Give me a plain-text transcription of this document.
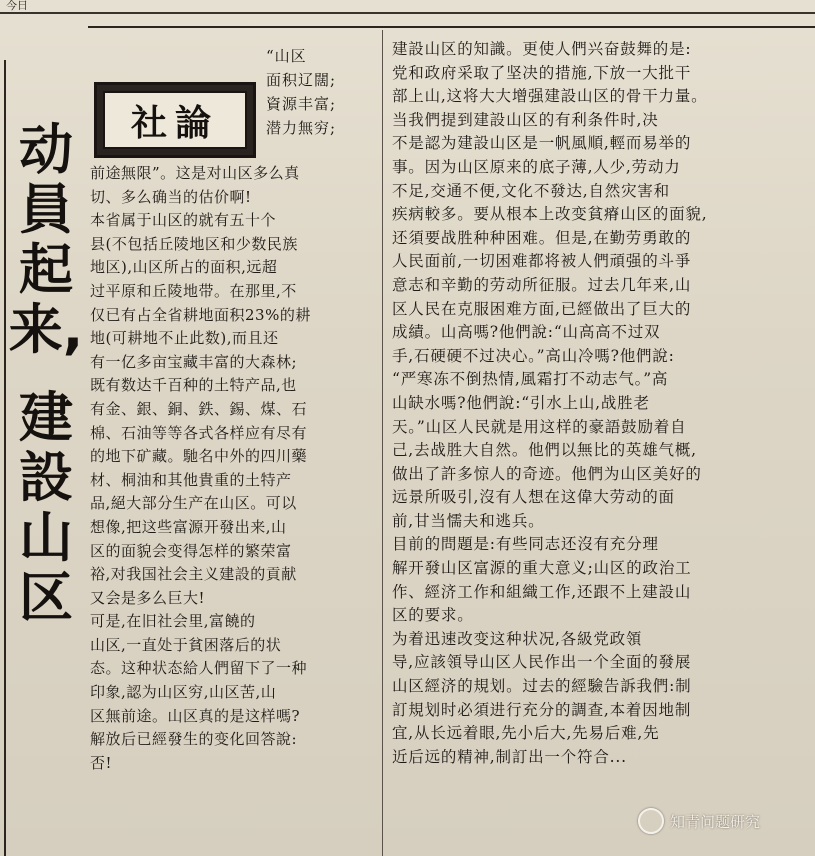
今日
动
員
起
来,
建
設
山
区
社論
“山区
面积辽闊;
資源丰富;
潜力無穷;
前途無限”。这是对山区多么真
切、多么确当的估价啊!
本省属于山区的就有五十个
县(不包括丘陵地区和少数民族
地区),山区所占的面积,远超
过平原和丘陵地带。在那里,不
仅已有占全省耕地面积23%的耕
地(可耕地不止此数),而且还
有一亿多亩宝藏丰富的大森林;
既有数达千百种的土特产品,也
有金、銀、銅、鉄、錫、煤、石
棉、石油等等各式各样应有尽有
的地下矿藏。馳名中外的四川藥
材、桐油和其他貴重的土特产
品,絕大部分生产在山区。可以
想像,把这些富源开發出来,山
区的面貌会变得怎样的繁荣富
裕,对我国社会主义建設的貢献
又会是多么巨大!
可是,在旧社会里,富饒的
山区,一直处于貧困落后的状
态。这种状态給人們留下了一种
印象,認为山区穷,山区苦,山
区無前途。山区真的是这样嗎?
解放后已經發生的变化回答說:
否!
建設山区的知識。更使人們兴奋鼓舞的是:
党和政府采取了坚决的措施,下放一大批干
部上山,这将大大增强建設山区的骨干力量。
当我們提到建設山区的有利条件时,决
不是認为建設山区是一帆風順,輕而易举的
事。因为山区原来的底子薄,人少,劳动力
不足,交通不便,文化不發达,自然灾害和
疾病較多。要从根本上改变貧瘠山区的面貌,
还須要战胜种种困难。但是,在勤劳勇敢的
人民面前,一切困难都将被人們頑强的斗爭
意志和辛勤的劳动所征服。过去几年来,山
区人民在克服困难方面,已經做出了巨大的
成績。山高嗎?他們說:“山高高不过双
手,石硬硬不过决心。”高山冷嗎?他們說:
“严寒冻不倒热情,風霜打不动志气。”高
山缺水嗎?他們說:“引水上山,战胜老
天。”山区人民就是用这样的豪語鼓励着自
己,去战胜大自然。他們以無比的英雄气概,
做出了許多惊人的奇迹。他們为山区美好的
远景所吸引,沒有人想在这偉大劳动的面
前,甘当懦夫和逃兵。
目前的問題是:有些同志还沒有充分理
解开發山区富源的重大意义;山区的政治工
作、經济工作和組織工作,还跟不上建設山
区的要求。
为着迅速改变这种状况,各級党政領
导,应該領导山区人民作出一个全面的發展
山区經济的規划。过去的經驗告訴我們:制
訂規划时必須进行充分的調查,本着因地制
宜,从长远着眼,先小后大,先易后难,先
近后远的精神,制訂出一个符合...
知青问题研究
